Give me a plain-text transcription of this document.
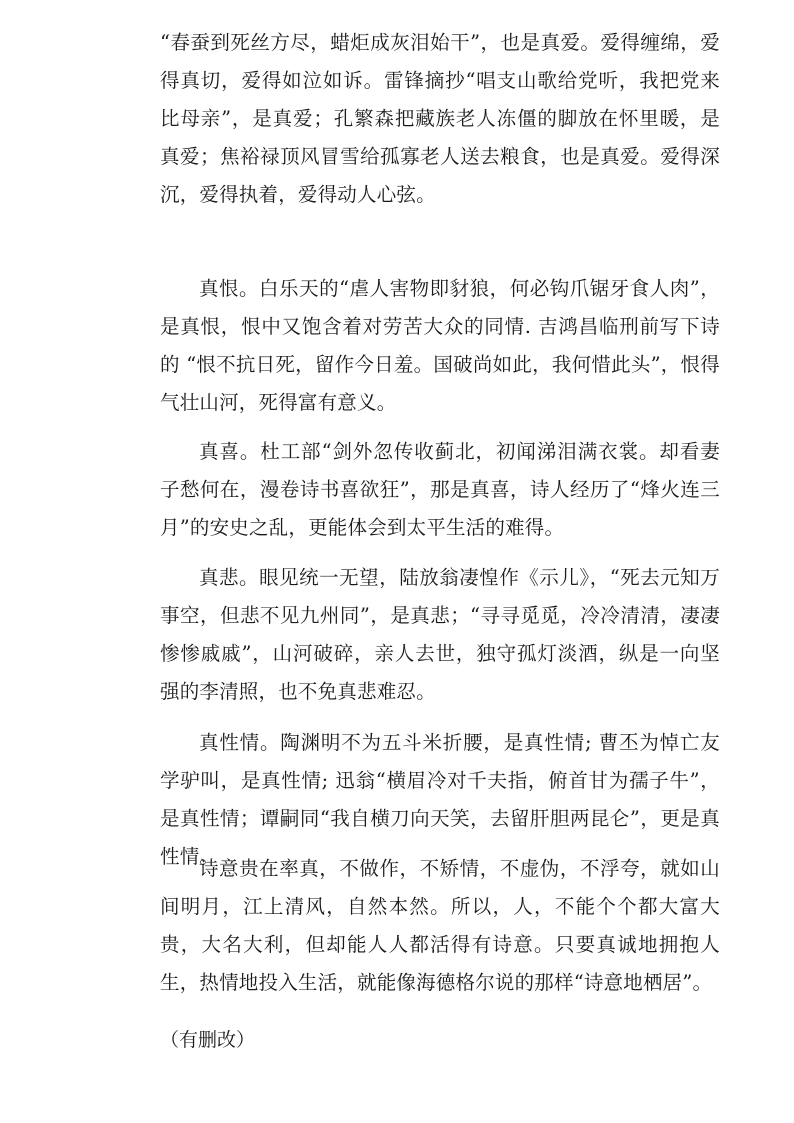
“春蚕到死丝方尽，蜡炬成灰泪始干”，也是真爱。爱得缠绵，爱得真切，爱得如泣如诉。雷锋摘抄“唱支山歌给党听，我把党来比母亲”，是真爱；孔繁森把藏族老人冻僵的脚放在怀里暖，是真爱；焦裕禄顶风冒雪给孤寡老人送去粮食，也是真爱。爱得深沉，爱得执着，爱得动人心弦。

真恨。白乐天的“虐人害物即豺狼，何必钩爪锯牙食人肉”，是真恨，恨中又饱含着对劳苦大众的同情. 吉鸿昌临刑前写下诗的 “恨不抗日死，留作今日羞。国破尚如此，我何惜此头”，恨得气壮山河，死得富有意义。

真喜。杜工部“剑外忽传收蓟北，初闻涕泪满衣裳。却看妻子愁何在，漫卷诗书喜欲狂”，那是真喜，诗人经历了“烽火连三月”的安史之乱，更能体会到太平生活的难得。

真悲。眼见统一无望，陆放翁凄惶作《示儿》，“死去元知万事空，但悲不见九州同”，是真悲；“寻寻觅觅，冷冷清清，凄凄惨惨戚戚”，山河破碎，亲人去世，独守孤灯淡酒，纵是一向坚强的李清照，也不免真悲难忍。

真性情。陶渊明不为五斗米折腰，是真性情; 曹丕为悼亡友学驴叫，是真性情; 迅翁“横眉冷对千夫指，俯首甘为孺子牛”，是真性情；谭嗣同“我自横刀向天笑，去留肝胆两昆仑”，更是真性情。

诗意贵在率真，不做作，不矫情，不虚伪，不浮夸，就如山间明月，江上清风，自然本然。所以，人，不能个个都大富大贵，大名大利，但却能人人都活得有诗意。只要真诚地拥抱人生，热情地投入生活，就能像海德格尔说的那样“诗意地栖居”。

（有删改）
